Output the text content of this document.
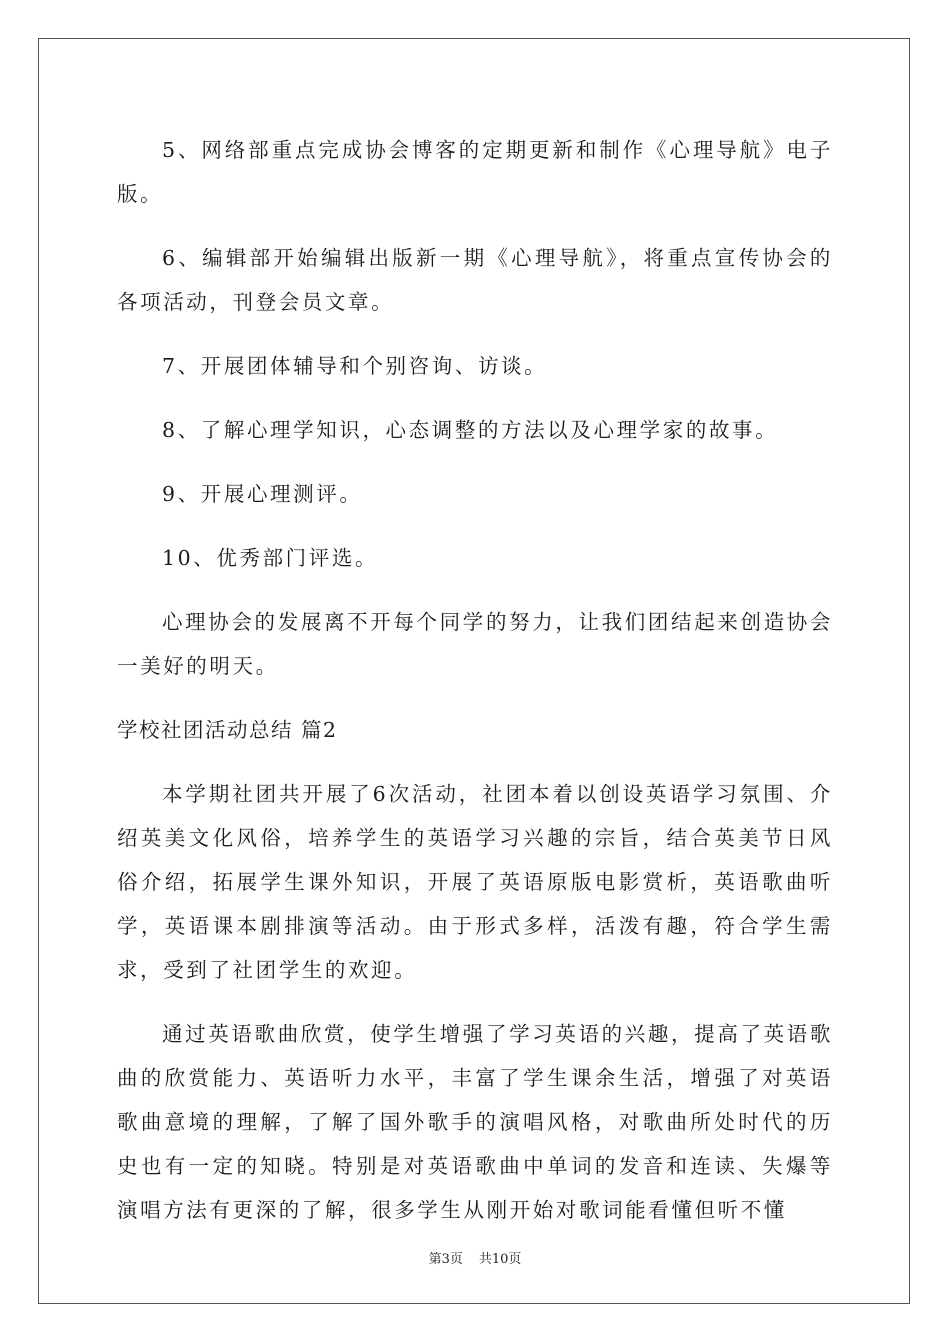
5、网络部重点完成协会博客的定期更新和制作《心理导航》电子版。

6、编辑部开始编辑出版新一期《心理导航》，将重点宣传协会的各项活动，刊登会员文章。

7、开展团体辅导和个别咨询、访谈。

8、了解心理学知识，心态调整的方法以及心理学家的故事。

9、开展心理测评。

10、优秀部门评选。

心理协会的发展离不开每个同学的努力，让我们团结起来创造协会一美好的明天。

学校社团活动总结 篇2

本学期社团共开展了6次活动，社团本着以创设英语学习氛围、介绍英美文化风俗，培养学生的英语学习兴趣的宗旨，结合英美节日风俗介绍，拓展学生课外知识，开展了英语原版电影赏析，英语歌曲听学，英语课本剧排演等活动。由于形式多样，活泼有趣，符合学生需求，受到了社团学生的欢迎。

通过英语歌曲欣赏，使学生增强了学习英语的兴趣，提高了英语歌曲的欣赏能力、英语听力水平，丰富了学生课余生活，增强了对英语歌曲意境的理解，了解了国外歌手的演唱风格，对歌曲所处时代的历史也有一定的知晓。特别是对英语歌曲中单词的发音和连读、失爆等演唱方法有更深的了解，很多学生从刚开始对歌词能看懂但听不懂

第3页 共10页
